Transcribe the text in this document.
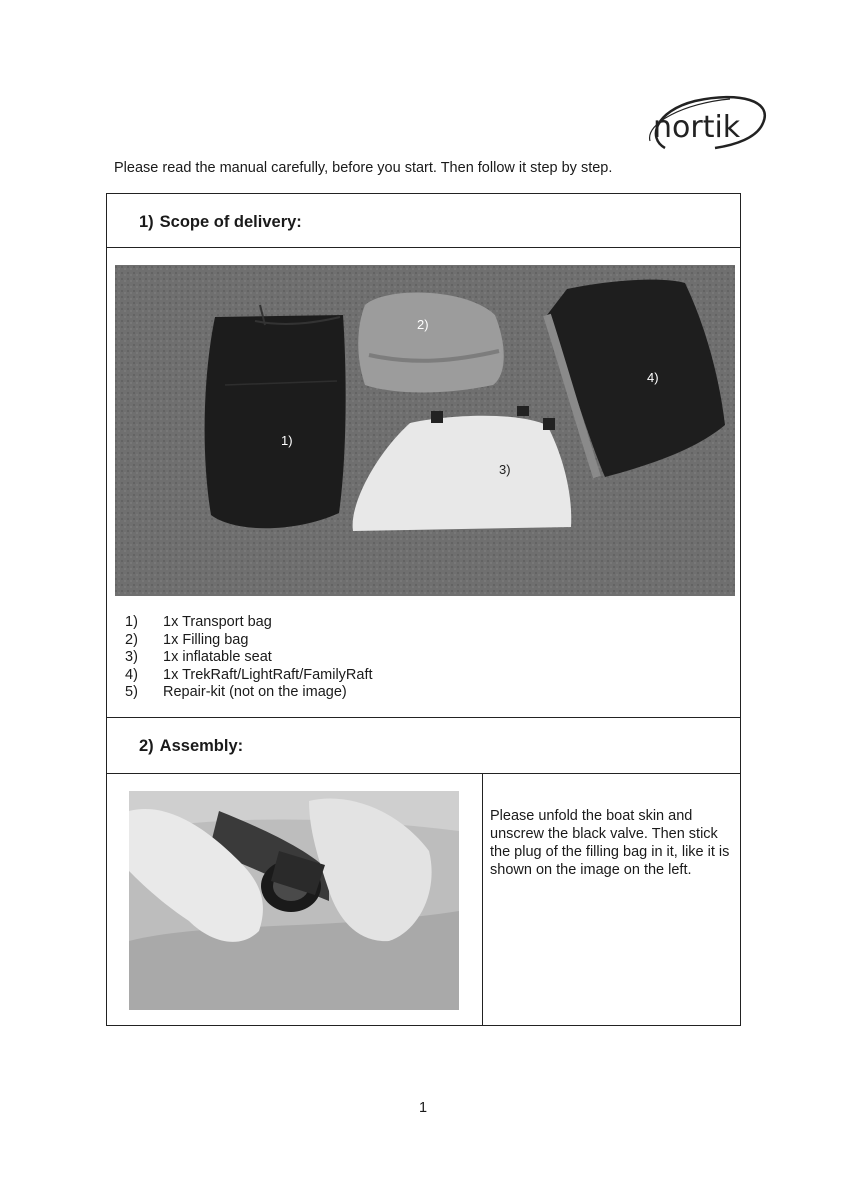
nortik
Please read the manual carefully, before you start. Then follow it step by step.
1) Scope of delivery:
1)
2)
3)
4)
1)	1x Transport bag
2)	1x Filling bag
3)	1x inflatable seat
4)	1x TrekRaft/LightRaft/FamilyRaft
5)	Repair-kit (not on the image)
2) Assembly:
Please unfold the boat skin and unscrew the black valve. Then stick the plug of the filling bag in it, like it is shown on the image on the left.
1
